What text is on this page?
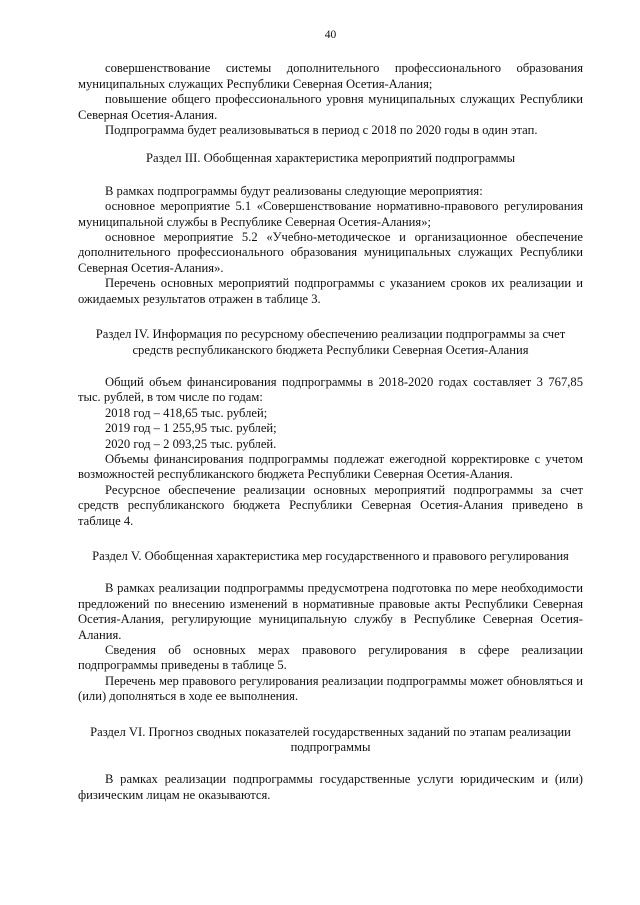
40

совершенствование системы дополнительного профессионального образования муниципальных служащих Республики Северная Осетия-Алания;

повышение общего профессионального уровня муниципальных служащих Республики Северная Осетия-Алания.

Подпрограмма будет реализовываться в период с 2018 по 2020 годы в один этап.

Раздел III. Обобщенная характеристика мероприятий подпрограммы

В рамках подпрограммы будут реализованы следующие мероприятия:

основное мероприятие 5.1 «Совершенствование нормативно-правового регулирования муниципальной службы в Республике Северная Осетия-Алания»;

основное мероприятие 5.2 «Учебно-методическое и организационное обеспечение дополнительного профессионального образования муниципальных служащих Республики Северная Осетия-Алания».

Перечень основных мероприятий подпрограммы с указанием сроков их реализации и ожидаемых результатов отражен в таблице 3.

Раздел IV. Информация по ресурсному обеспечению реализации подпрограммы за счет средств республиканского бюджета Республики Северная Осетия-Алания

Общий объем финансирования подпрограммы в 2018-2020 годах составляет 3 767,85 тыс. рублей, в том числе по годам:

2018 год – 418,65 тыс. рублей;

2019 год – 1 255,95 тыс. рублей;

2020 год – 2 093,25 тыс. рублей.

Объемы финансирования подпрограммы подлежат ежегодной корректировке с учетом возможностей республиканского бюджета Республики Северная Осетия-Алания.

Ресурсное обеспечение реализации основных мероприятий подпрограммы за счет средств республиканского бюджета Республики Северная Осетия-Алания приведено в таблице 4.

Раздел V. Обобщенная характеристика мер государственного и правового регулирования

В рамках реализации подпрограммы предусмотрена подготовка по мере необходимости предложений по внесению изменений в нормативные правовые акты Республики Северная Осетия-Алания, регулирующие муниципальную службу в Республике Северная Осетия-Алания.

Сведения об основных мерах правового регулирования в сфере реализации подпрограммы приведены в таблице 5.

Перечень мер правового регулирования реализации подпрограммы может обновляться и (или) дополняться в ходе ее выполнения.

Раздел VI. Прогноз сводных показателей государственных заданий по этапам реализации подпрограммы

В рамках реализации подпрограммы государственные услуги юридическим и (или) физическим лицам не оказываются.
